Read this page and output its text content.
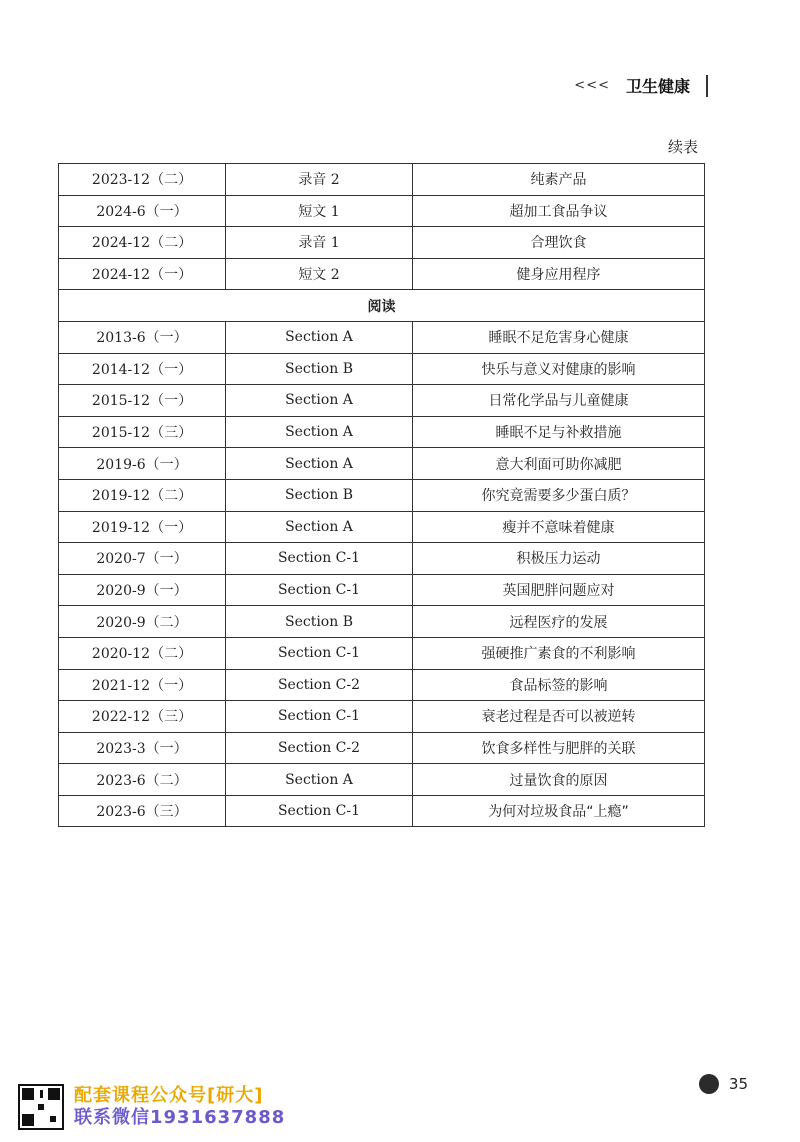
<<< 卫生健康
续表
2023-12（二）	录音 2	纯素产品
2024-6（一）	短文 1	超加工食品争议
2024-12（二）	录音 1	合理饮食
2024-12（一）	短文 2	健身应用程序
阅读		
2013-6（一）	Section A	睡眠不足危害身心健康
2014-12（一）	Section B	快乐与意义对健康的影响
2015-12（一）	Section A	日常化学品与儿童健康
2015-12（三）	Section A	睡眠不足与补救措施
2019-6（一）	Section A	意大利面可助你减肥
2019-12（二）	Section B	你究竟需要多少蛋白质？
2019-12（一）	Section A	瘦并不意味着健康
2020-7（一）	Section C-1	积极压力运动
2020-9（一）	Section C-1	英国肥胖问题应对
2020-9（二）	Section B	远程医疗的发展
2020-12（二）	Section C-1	强硬推广素食的不利影响
2021-12（一）	Section C-2	食品标签的影响
2022-12（三）	Section C-1	衰老过程是否可以被逆转
2023-3（一）	Section C-2	饮食多样性与肥胖的关联
2023-6（二）	Section A	过量饮食的原因
2023-6（三）	Section C-1	为何对垃圾食品“上瘾”
配套课程公众号[研大]
联系微信1931637888
35
